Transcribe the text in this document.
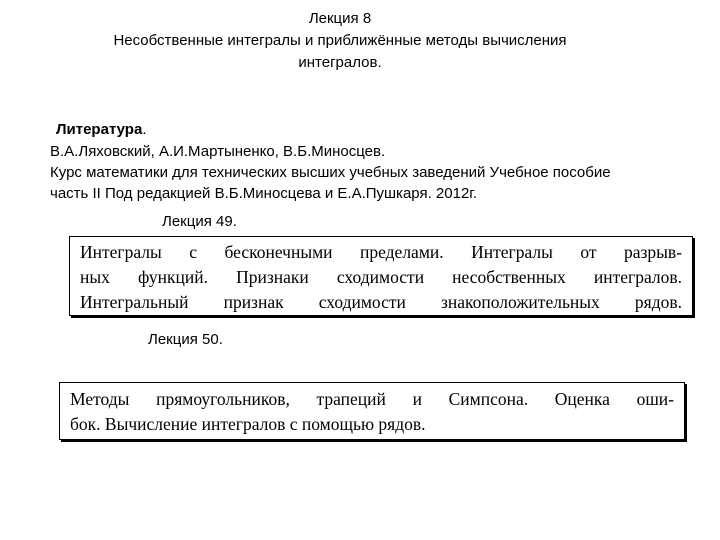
Лекция 8
Несобственные интегралы и приближённые методы вычисления
интегралов.
Литература.
В.А.Ляховский, А.И.Мартыненко, В.Б.Миносцев.
Курс математики для технических высших учебных заведений Учебное пособие
часть II Под редакцией В.Б.Миносцева и Е.А.Пушкаря. 2012г.
Лекция 49.
Интегралы с бесконечными пределами. Интегралы от разрыв-
ных функций. Признаки сходимости несобственных интегралов.
Интегральный признак сходимости знакоположительных рядов.
Лекция 50.
Методы прямоугольников, трапеций и Симпсона. Оценка оши-
бок. Вычисление интегралов с помощью рядов.
